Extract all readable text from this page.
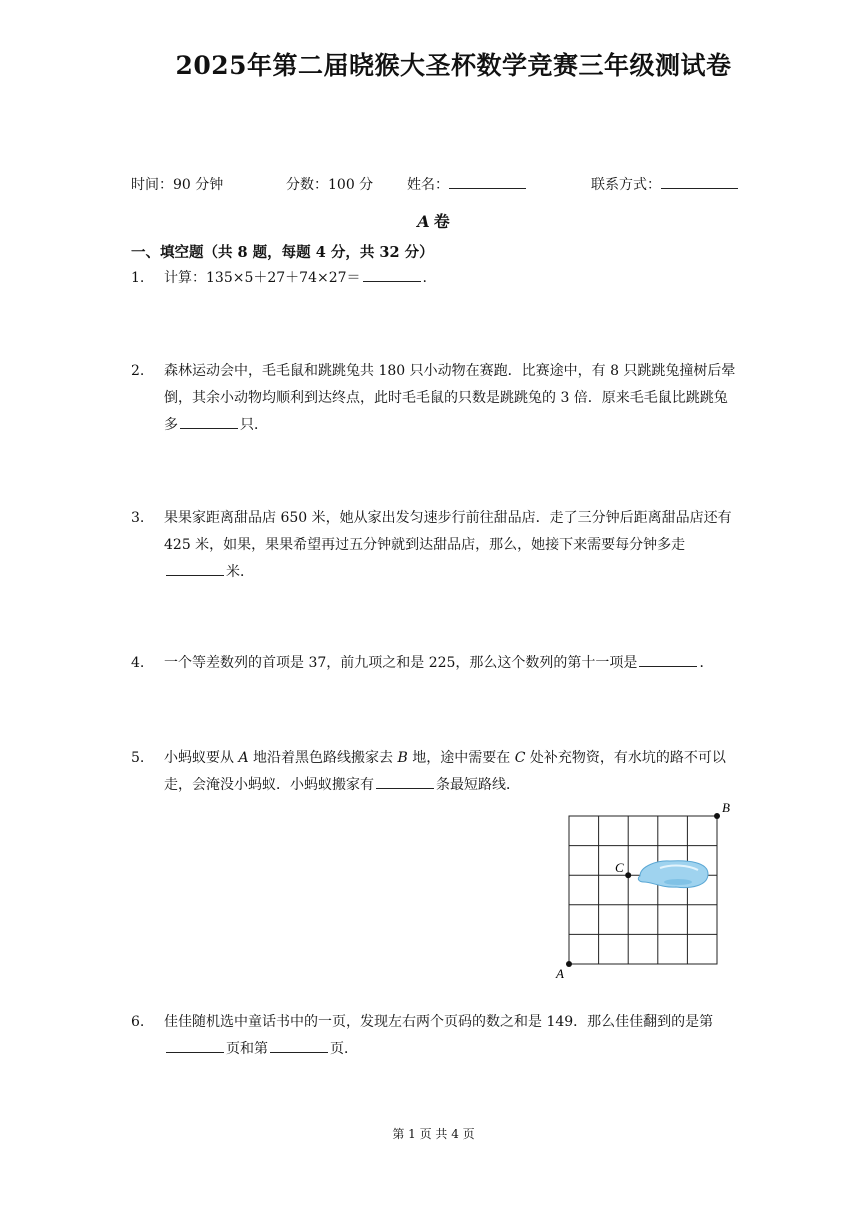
2025年第二届晓猴大圣杯数学竞赛三年级测试卷
时间：90 分钟	分数：100 分 姓名：	联系方式：
A 卷
一、填空题（共 8 题，每题 4 分，共 32 分）
1. 计算：135×5＋27＋74×27＝	.
2. 森林运动会中，毛毛鼠和跳跳兔共 180 只小动物在赛跑．比赛途中，有 8 只跳跳兔撞树后晕倒，其余小动物均顺利到达终点，此时毛毛鼠的只数是跳跳兔的 3 倍．原来毛毛鼠比跳跳兔多	只．
3. 果果家距离甜品店 650 米，她从家出发匀速步行前往甜品店．走了三分钟后距离甜品店还有 425 米，如果，果果希望再过五分钟就到达甜品店，那么，她接下来需要每分钟多走米．
4. 一个等差数列的首项是 37，前九项之和是 225，那么这个数列的第十一项是	．
5. 小蚂蚁要从 A 地沿着黑色路线搬家去 B 地，途中需要在 C 处补充物资，有水坑的路不可以走，会淹没小蚂蚁．小蚂蚁搬家有	条最短路线．
A
B
C
6. 佳佳随机选中童话书中的一页，发现左右两个页码的数之和是 149．那么佳佳翻到的是第页和第	页．
第 1 页 共 4 页
